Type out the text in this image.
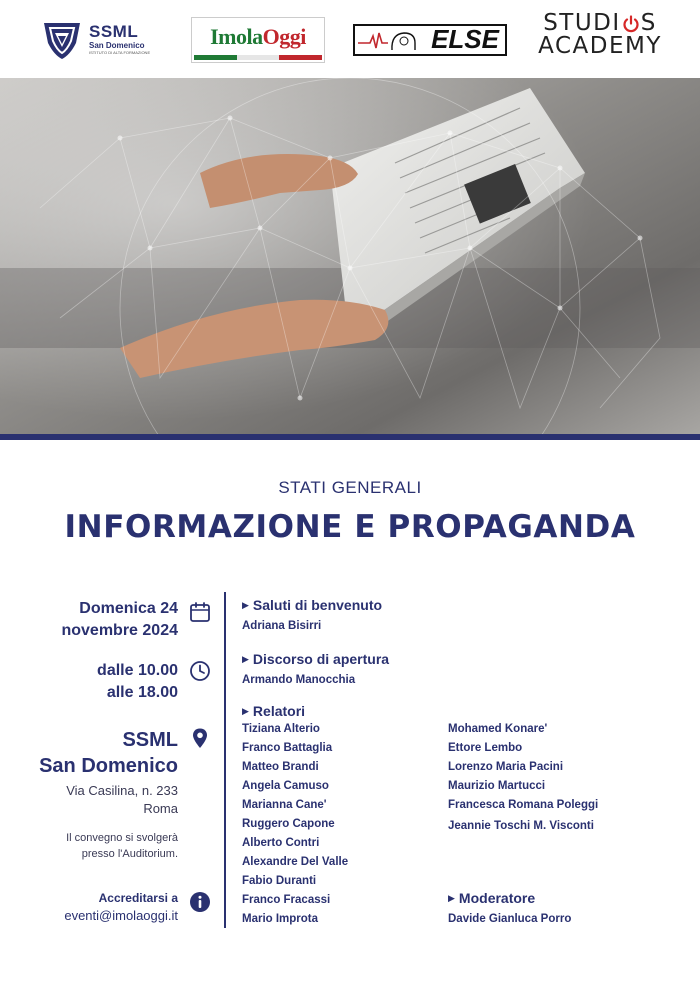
SSML
San Domenico
ISTITUTO DI ALTA FORMAZIONE
Imola Oggi	ELSE
STUDI S
ACADEMY
STATI GENERALI
INFORMAZIONE E PROPAGANDA
Domenica 24
novembre 2024
dalle 10.00
alle 18.00
SSML
San Domenico
Via Casilina, n. 233
Roma
Il convegno si svolgerà
presso l'Auditorium.
Accreditarsi a
eventi@imolaoggi.it
▶ Saluti di benvenuto
Adriana Bisirri
▶ Discorso di apertura
Armando Manocchia
▶ Relatori
Tiziana Alterio
Franco Battaglia
Matteo Brandi
Angela Camuso
Marianna Cane'
Ruggero Capone
Alberto Contri
Alexandre Del Valle
Fabio Duranti
Franco Fracassi
Mario Improta
Mohamed Konare'
Ettore Lembo
Lorenzo Maria Pacini
Maurizio Martucci
Francesca Romana Poleggi
Jeannie Toschi M. Visconti
▶ Moderatore
Davide Gianluca Porro
